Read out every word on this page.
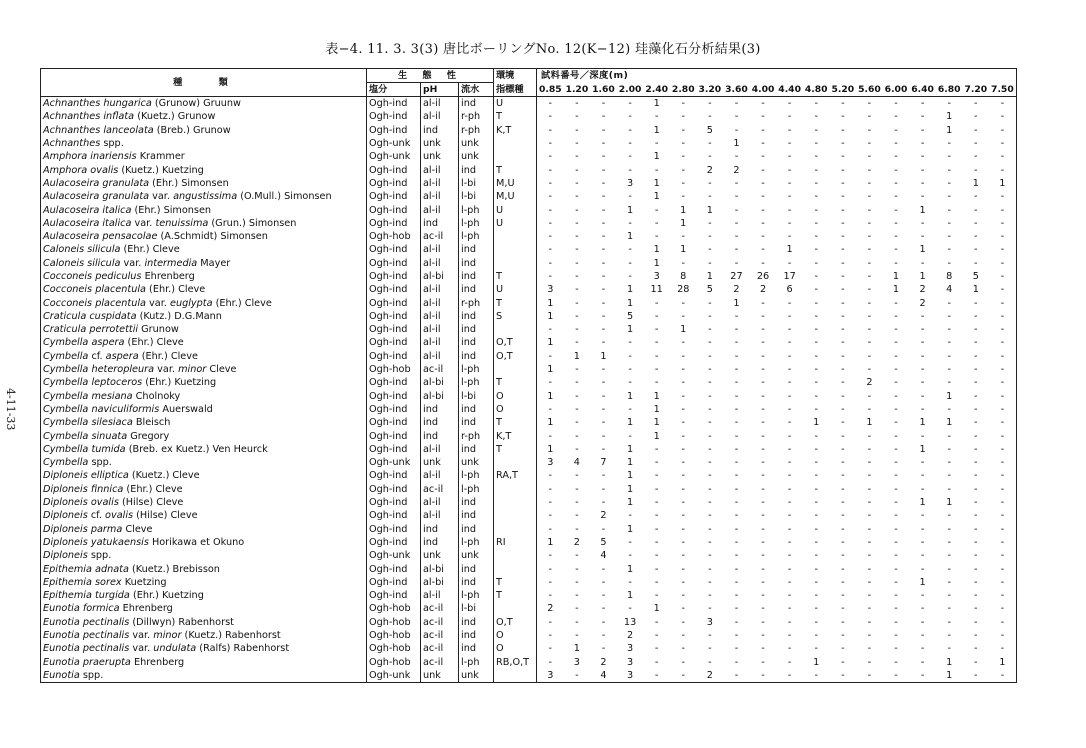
表−4. 11. 3. 3(3) 唐比ボーリングNo. 12(K−12) 珪藻化石分析結果(3)
4-11-33
種　　類	生 態 性			環境	試料番号／深度(m)																	
	塩分	pH	流水	指標種	0.85	1.20	1.60	2.00	2.40	2.80	3.20	3.60	4.00	4.40	4.80	5.20	5.60	6.00	6.40	6.80	7.20	7.50
Achnanthes hungarica (Grunow) Gruunw	Ogh-ind	al-il	ind	U	-	-	-	-	1	-	-	-	-	-	-	-	-	-	-	-	-	-
Achnanthes inflata (Kuetz.) Grunow	Ogh-ind	al-il	r-ph	T	-	-	-	-	-	-	-	-	-	-	-	-	-	-	-	1	-	-
Achnanthes lanceolata (Breb.) Grunow	Ogh-ind	ind	r-ph	K,T	-	-	-	-	1	-	5	-	-	-	-	-	-	-	-	1	-	-
Achnanthes spp.	Ogh-unk	unk	unk		-	-	-	-	-	-	-	1	-	-	-	-	-	-	-	-	-	-
Amphora inariensis Krammer	Ogh-unk	unk	unk		-	-	-	-	1	-	-	-	-	-	-	-	-	-	-	-	-	-
Amphora ovalis (Kuetz.) Kuetzing	Ogh-ind	al-il	ind	T	-	-	-	-	-	-	2	2	-	-	-	-	-	-	-	-	-	-
Aulacoseira granulata (Ehr.) Simonsen	Ogh-ind	al-il	l-bi	M,U	-	-	-	3	1	-	-	-	-	-	-	-	-	-	-	-	1	1
Aulacoseira granulata var. angustissima (O.Mull.) Simonsen	Ogh-ind	al-il	l-bi	M,U	-	-	-	-	1	-	-	-	-	-	-	-	-	-	-	-	-	-
Aulacoseira italica (Ehr.) Simonsen	Ogh-ind	al-il	l-ph	U	-	-	-	1	-	1	1	-	-	-	-	-	-	-	1	-	-	-
Aulacoseira italica var. tenuissima (Grun.) Simonsen	Ogh-ind	ind	l-ph	U	-	-	-	-	-	1	-	-	-	-	-	-	-	-	-	-	-	-
Aulacoseira pensacolae (A.Schmidt) Simonsen	Ogh-hob	ac-il	l-ph		-	-	-	1	-	-	-	-	-	-	-	-	-	-	-	-	-	-
Caloneis silicula (Ehr.) Cleve	Ogh-ind	al-il	ind		-	-	-	-	1	1	-	-	-	1	-	-	-	-	1	-	-	-
Caloneis silicula var. intermedia Mayer	Ogh-ind	al-il	ind		-	-	-	-	1	-	-	-	-	-	-	-	-	-	-	-	-	-
Cocconeis pediculus Ehrenberg	Ogh-ind	al-bi	ind	T	-	-	-	-	3	8	1	27	26	17	-	-	-	1	1	8	5	-
Cocconeis placentula (Ehr.) Cleve	Ogh-ind	al-il	ind	U	3	-	-	1	11	28	5	2	2	6	-	-	-	1	2	4	1	-
Cocconeis placentula var. euglypta (Ehr.) Cleve	Ogh-ind	al-il	r-ph	T	1	-	-	1	-	-	-	1	-	-	-	-	-	-	2	-	-	-
Craticula cuspidata (Kutz.) D.G.Mann	Ogh-ind	al-il	ind	S	1	-	-	5	-	-	-	-	-	-	-	-	-	-	-	-	-	-
Craticula perrotettii Grunow	Ogh-ind	al-il	ind		-	-	-	1	-	1	-	-	-	-	-	-	-	-	-	-	-	-
Cymbella aspera (Ehr.) Cleve	Ogh-ind	al-il	ind	O,T	1	-	-	-	-	-	-	-	-	-	-	-	-	-	-	-	-	-
Cymbella cf. aspera (Ehr.) Cleve	Ogh-ind	al-il	ind	O,T	-	1	1	-	-	-	-	-	-	-	-	-	-	-	-	-	-	-
Cymbella heteropleura var. minor Cleve	Ogh-hob	ac-il	l-ph		1	-	-	-	-	-	-	-	-	-	-	-	-	-	-	-	-	-
Cymbella leptoceros (Ehr.) Kuetzing	Ogh-ind	al-bi	l-ph	T	-	-	-	-	-	-	-	-	-	-	-	-	2	-	-	-	-	-
Cymbella mesiana Cholnoky	Ogh-ind	al-bi	l-bi	O	1	-	-	1	1	-	-	-	-	-	-	-	-	-	-	1	-	-
Cymbella naviculiformis Auerswald	Ogh-ind	ind	ind	O	-	-	-	-	1	-	-	-	-	-	-	-	-	-	-	-	-	-
Cymbella silesiaca Bleisch	Ogh-ind	ind	ind	T	1	-	-	1	1	-	-	-	-	-	1	-	1	-	1	1	-	-
Cymbella sinuata Gregory	Ogh-ind	ind	r-ph	K,T	-	-	-	-	1	-	-	-	-	-	-	-	-	-	-	-	-	-
Cymbella tumida (Breb. ex Kuetz.) Ven Heurck	Ogh-ind	al-il	ind	T	1	-	-	1	-	-	-	-	-	-	-	-	-	-	1	-	-	-
Cymbella spp.	Ogh-unk	unk	unk		3	4	7	1	-	-	-	-	-	-	-	-	-	-	-	-	-	-
Diploneis elliptica (Kuetz.) Cleve	Ogh-ind	al-il	l-ph	RA,T	-	-	-	1	-	-	-	-	-	-	-	-	-	-	-	-	-	-
Diploneis finnica (Ehr.) Cleve	Ogh-ind	ac-il	l-ph		-	-	-	1	-	-	-	-	-	-	-	-	-	-	-	-	-	-
Diploneis ovalis (Hilse) Cleve	Ogh-ind	al-il	ind		-	-	-	1	-	-	-	-	-	-	-	-	-	-	1	1	-	-
Diploneis cf. ovalis (Hilse) Cleve	Ogh-ind	al-il	ind		-	-	2	-	-	-	-	-	-	-	-	-	-	-	-	-	-	-
Diploneis parma Cleve	Ogh-ind	ind	ind		-	-	-	1	-	-	-	-	-	-	-	-	-	-	-	-	-	-
Diploneis yatukaensis Horikawa et Okuno	Ogh-ind	ind	l-ph	RI	1	2	5	-	-	-	-	-	-	-	-	-	-	-	-	-	-	-
Diploneis spp.	Ogh-unk	unk	unk		-	-	4	-	-	-	-	-	-	-	-	-	-	-	-	-	-	-
Epithemia adnata (Kuetz.) Brebisson	Ogh-ind	al-bi	ind		-	-	-	1	-	-	-	-	-	-	-	-	-	-	-	-	-	-
Epithemia sorex Kuetzing	Ogh-ind	al-bi	ind	T	-	-	-	-	-	-	-	-	-	-	-	-	-	-	1	-	-	-
Epithemia turgida (Ehr.) Kuetzing	Ogh-ind	al-il	l-ph	T	-	-	-	1	-	-	-	-	-	-	-	-	-	-	-	-	-	-
Eunotia formica Ehrenberg	Ogh-hob	ac-il	l-bi		2	-	-	-	1	-	-	-	-	-	-	-	-	-	-	-	-	-
Eunotia pectinalis (Dillwyn) Rabenhorst	Ogh-hob	ac-il	ind	O,T	-	-	-	13	-	-	3	-	-	-	-	-	-	-	-	-	-	-
Eunotia pectinalis var. minor (Kuetz.) Rabenhorst	Ogh-hob	ac-il	ind	O	-	-	-	2	-	-	-	-	-	-	-	-	-	-	-	-	-	-
Eunotia pectinalis var. undulata (Ralfs) Rabenhorst	Ogh-hob	ac-il	ind	O	-	1	-	3	-	-	-	-	-	-	-	-	-	-	-	-	-	-
Eunotia praerupta Ehrenberg	Ogh-hob	ac-il	l-ph	RB,O,T	-	3	2	3	-	-	-	-	-	-	1	-	-	-	-	1	-	1
Eunotia spp.	Ogh-unk	unk	unk		3	-	4	3	-	-	2	-	-	-	-	-	-	-	-	1	-	-
